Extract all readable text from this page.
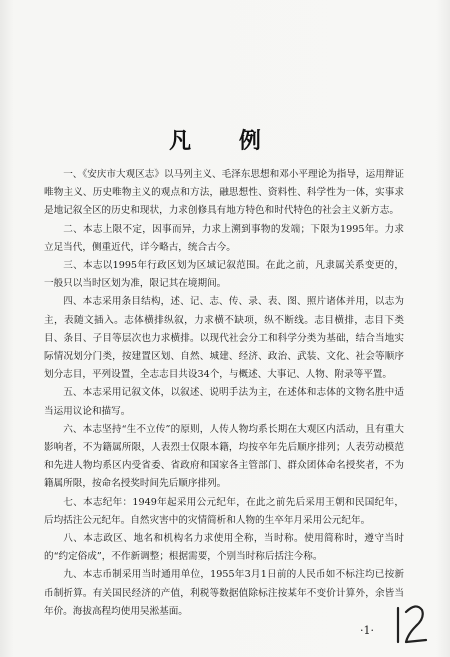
凡 例

一、《安庆市大观区志》以马列主义、毛泽东思想和邓小平理论为指导，运用辩证唯物主义、历史唯物主义的观点和方法，融思想性、资料性、科学性为一体，实事求是地记叙全区的历史和现状，力求创修具有地方特色和时代特色的社会主义新方志。

二、本志上限不定，因事而异，力求上溯到事物的发端；下限为1995年。力求立足当代，侧重近代，详今略古，统合古今。

三、本志以1995年行政区划为区域记叙范围。在此之前，凡隶属关系变更的，一般只以当时区划为准，限记其在境期间。

四、本志采用条目结构，述、记、志、传、录、表、图、照片诸体并用，以志为主，表随文插入。志体横排纵叙，力求横不缺项，纵不断线。志目横排，志目下类目、条目、子目等层次也力求横排。以现代社会分工和科学分类为基础，结合当地实际情况划分门类，按建置区划、自然、城建、经济、政治、武装、文化、社会等顺序划分志目，平列设置，全志志目共设34个，与概述、大事记、人物、附录等平置。

五、本志采用记叙文体，以叙述、说明手法为主，在述体和志体的文物名胜中适当运用议论和描写。

六、本志坚持“生不立传”的原则，人传人物均系长期在大观区内活动，且有重大影响者，不为籍属所限，人表烈士仅限本籍，均按卒年先后顺序排列；人表劳动模范和先进人物均系区内受省委、省政府和国家各主管部门、群众团体命名授奖者，不为籍属所限，按命名授奖时间先后顺序排列。

七、本志纪年：1949年起采用公元纪年，在此之前先后采用王朝和民国纪年，后均括注公元纪年。自然灾害中的灾情简析和人物的生卒年月采用公元纪年。

八、本志政区、地名和机构名力求使用全称，当时称。使用简称时，遵守当时的“约定俗成”，不作新调整；根据需要，个别当时称后括注今称。

九、本志币制采用当时通用单位，1955年3月1日前的人民币如不标注均已按新币制折算。有关国民经济的产值，利税等数据值除标注按某年不变价计算外，余皆当年价。海拔高程均使用吴淞基面。

·1·
